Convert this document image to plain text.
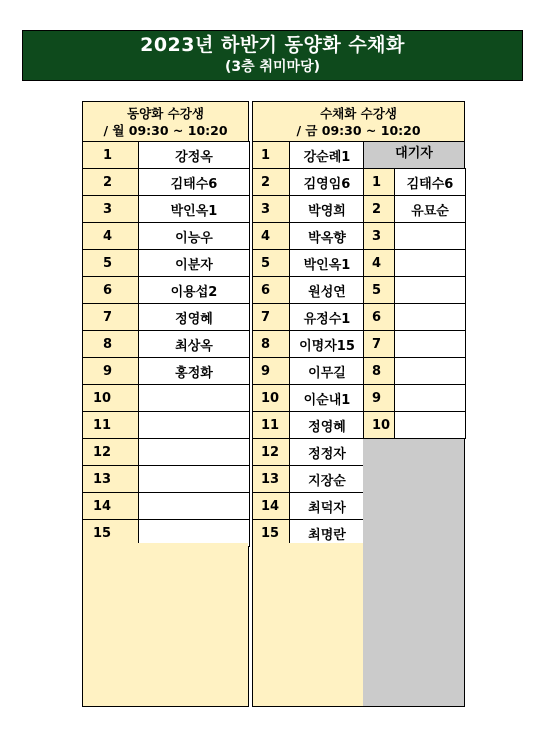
2023년 하반기 동양화 수채화
(3층 취미마당)
동양화 수강생
/ 월 09:30 ~ 10:20
1	강정옥
2	김태수6
3	박인옥1
4	이능우
5	이분자
6	이용섭2
7	정영혜
8	최상옥
9	홍정화
10	
11	
12	
13	
14	
15	
수채화 수강생
/ 금 09:30 ~ 10:20
1	강순례1
2	김영임6
3	박영희
4	박옥향
5	박인옥1
6	원성연
7	유정수1
8	이명자15
9	이무길
10	이순내1
11	정영혜
12	정정자
13	지장순
14	최덕자
15	최명란
대기자
1	김태수6
2	유묘순
3	
4	
5	
6	
7	
8	
9	
10	
